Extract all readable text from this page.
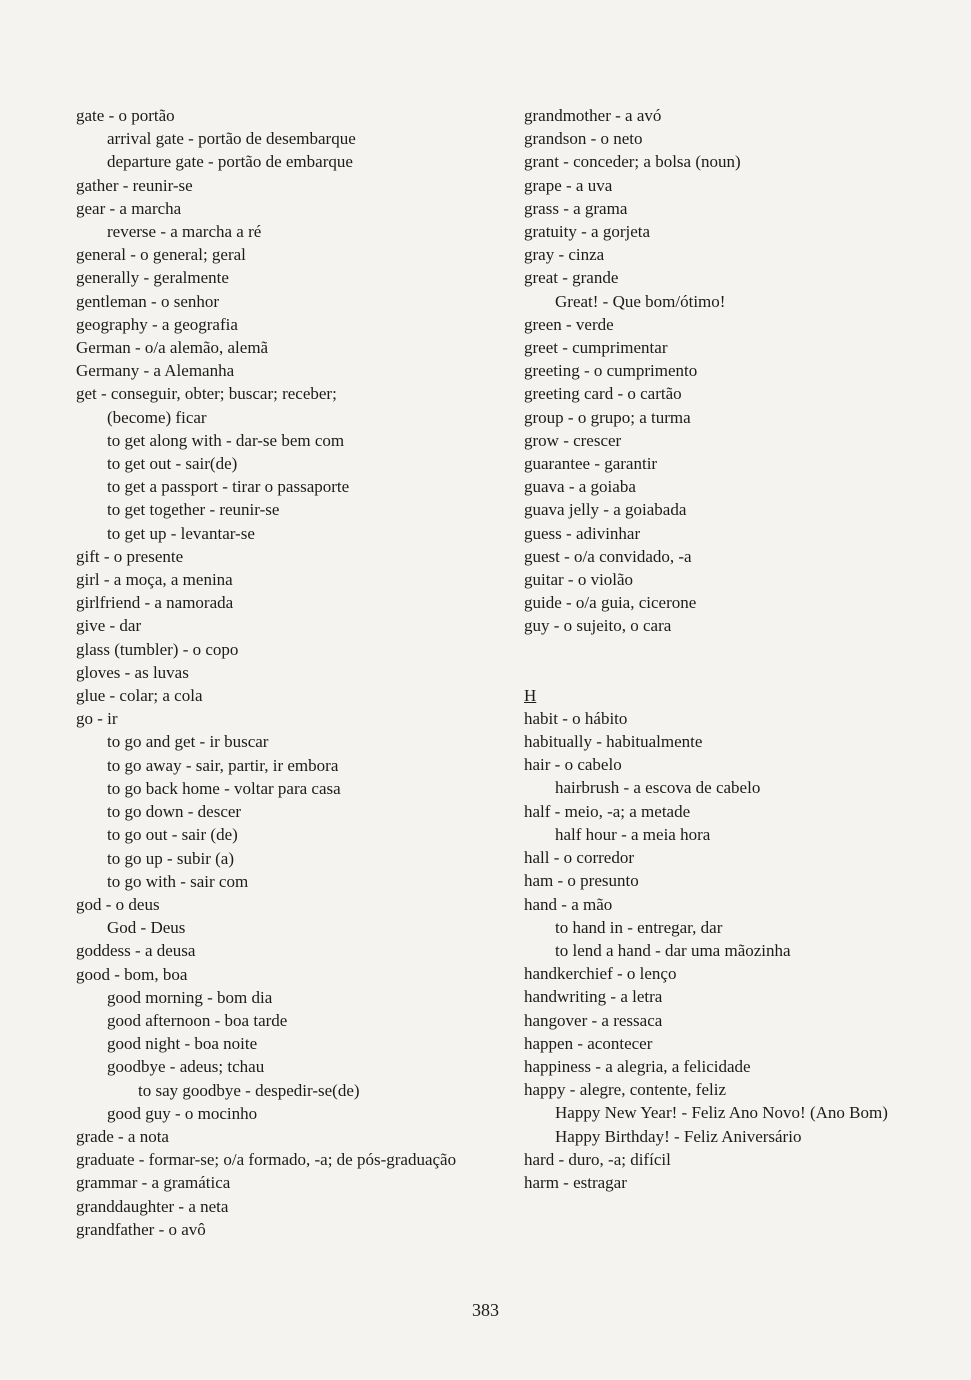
gate - o portão
arrival gate - portão de desembarque
departure gate - portão de embarque
gather - reunir-se
gear - a marcha
reverse - a marcha a ré
general - o general; geral
generally - geralmente
gentleman - o senhor
geography - a geografia
German - o/a alemão, alemã
Germany - a Alemanha
get - conseguir, obter; buscar; receber;
(become) ficar
to get along with - dar-se bem com
to get out - sair(de)
to get a passport - tirar o passaporte
to get together - reunir-se
to get up - levantar-se
gift - o presente
girl - a moça, a menina
girlfriend - a namorada
give - dar
glass (tumbler) - o copo
gloves - as luvas
glue - colar; a cola
go - ir
to go and get - ir buscar
to go away - sair, partir, ir embora
to go back home - voltar para casa
to go down - descer
to go out - sair (de)
to go up - subir (a)
to go with - sair com
god - o deus
God - Deus
goddess - a deusa
good - bom, boa
good morning - bom dia
good afternoon - boa tarde
good night - boa noite
goodbye - adeus; tchau
to say goodbye - despedir-se(de)
good guy - o mocinho
grade - a nota
graduate - formar-se; o/a formado, -a; de pós-graduação
grammar - a gramática
granddaughter - a neta
grandfather - o avô
grandmother - a avó
grandson - o neto
grant - conceder; a bolsa (noun)
grape - a uva
grass - a grama
gratuity - a gorjeta
gray - cinza
great - grande
Great! - Que bom/ótimo!
green - verde
greet - cumprimentar
greeting - o cumprimento
greeting card - o cartão
group - o grupo; a turma
grow - crescer
guarantee - garantir
guava - a goiaba
guava jelly - a goiabada
guess - adivinhar
guest - o/a convidado, -a
guitar - o violão
guide - o/a guia, cicerone
guy - o sujeito, o cara
H
habit - o hábito
habitually - habitualmente
hair - o cabelo
hairbrush - a escova de cabelo
half - meio, -a; a metade
half hour - a meia hora
hall - o corredor
ham - o presunto
hand - a mão
to hand in - entregar, dar
to lend a hand - dar uma mãozinha
handkerchief - o lenço
handwriting - a letra
hangover - a ressaca
happen - acontecer
happiness - a alegria, a felicidade
happy - alegre, contente, feliz
Happy New Year! - Feliz Ano Novo! (Ano Bom)
Happy Birthday! - Feliz Aniversário
hard - duro, -a; difícil
harm - estragar
383
